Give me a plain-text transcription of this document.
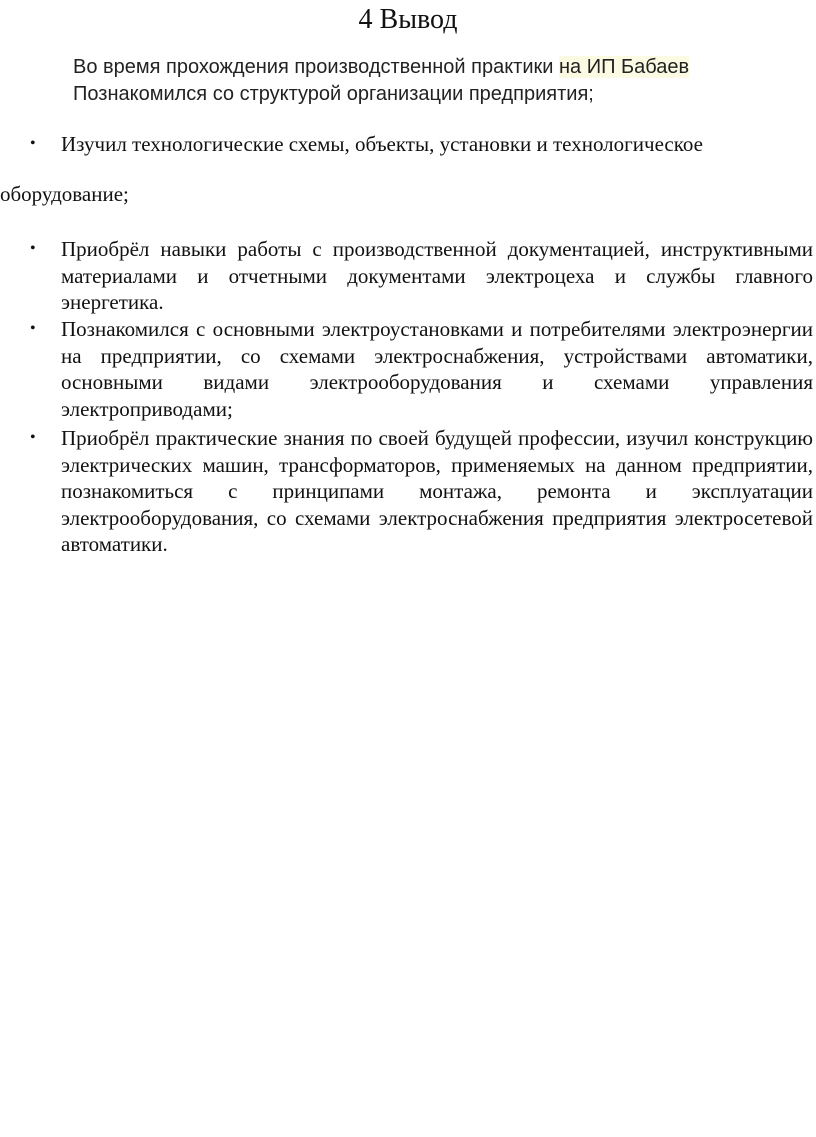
4 Вывод

Во время прохождения производственной практики на ИП Бабаев

Познакомился со структурой организации предприятия;

• Изучил технологические схемы, объекты, установки и технологическое
оборудование;
• Приобрёл навыки работы с производственной документацией, инструктивными материалами и отчетными документами электроцеха и службы главного энергетика.
• Познакомился с основными электроустановками и потребителями электроэнергии на предприятии, со схемами электроснабжения, устройствами автоматики, основными видами электрооборудования и схемами управления электроприводами;
• Приобрёл практические знания по своей будущей профессии, изучил конструкцию электрических машин, трансформаторов, применяемых на данном предприятии, познакомиться с принципами монтажа, ремонта и эксплуатации электрооборудования, со схемами электроснабжения предприятия электросетевой автоматики.
